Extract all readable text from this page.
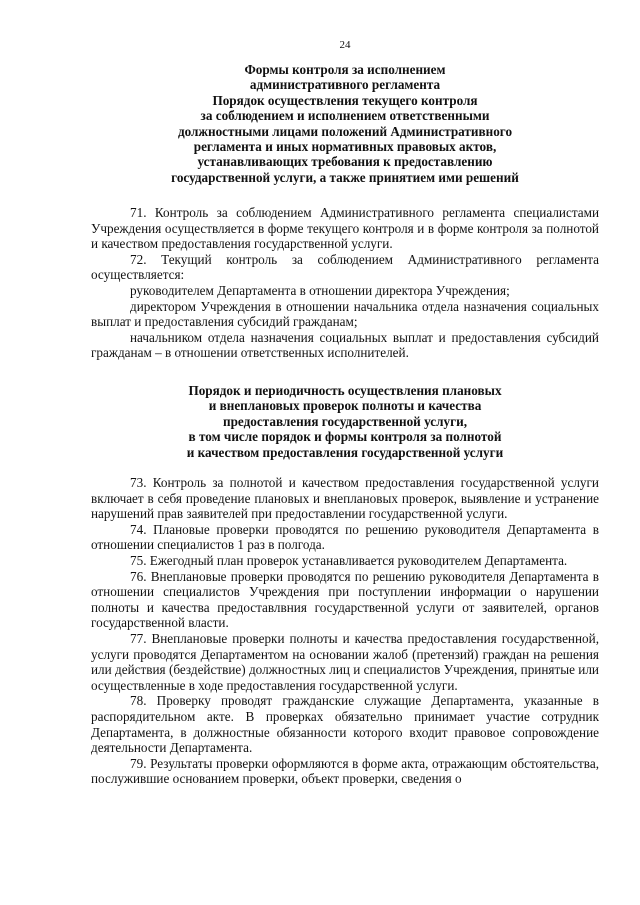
24
Формы контроля за исполнением
административного регламента
Порядок осуществления текущего контроля
за соблюдением и исполнением ответственными
должностными лицами положений Административного
регламента и иных нормативных правовых актов,
устанавливающих требования к предоставлению
государственной услуги, а также принятием ими решений

71. Контроль за соблюдением Административного регламента специалистами Учреждения осуществляется в форме текущего контроля и в форме контроля за полнотой и качеством предоставления государственной услуги.

72. Текущий контроль за соблюдением Административного регламента осуществляется:

руководителем Департамента в отношении директора Учреждения;

директором Учреждения в отношении начальника отдела назначения социальных выплат и предоставления субсидий гражданам;

начальником отдела назначения социальных выплат и предоставления субсидий гражданам – в отношении ответственных исполнителей.

Порядок и периодичность осуществления плановых
и внеплановых проверок полноты и качества
предоставления государственной услуги,
в том числе порядок и формы контроля за полнотой
и качеством предоставления государственной услуги

73. Контроль за полнотой и качеством предоставления государственной услуги включает в себя проведение плановых и внеплановых проверок, выявление и устранение нарушений прав заявителей при предоставлении государственной услуги.

74. Плановые проверки проводятся по решению руководителя Департамента в отношении специалистов 1 раз в полгода.

75. Ежегодный план проверок устанавливается руководителем Департамента.

76. Внеплановые проверки проводятся по решению руководителя Департамента в отношении специалистов Учреждения при поступлении информации о нарушении полноты и качества предоставлвния государственной услуги от заявителей, органов государственной власти.

77. Внеплановые проверки полноты и качества предоставления государственной, услуги проводятся Департаментом на основании жалоб (претензий) граждан на решения или действия (бездействие) должностных лиц и специалистов Учреждения, принятые или осуществленные в ходе предоставления государственной услуги.

78. Проверку проводят гражданские служащие Департамента, указанные в распорядительном акте. В проверках обязательно принимает участие сотрудник Департамента, в должностные обязанности которого входит правовое сопровождение деятельности Департамента.

79. Результаты проверки оформляются в форме акта, отражающим обстоятельства, послужившие основанием проверки, объект проверки, сведения о
